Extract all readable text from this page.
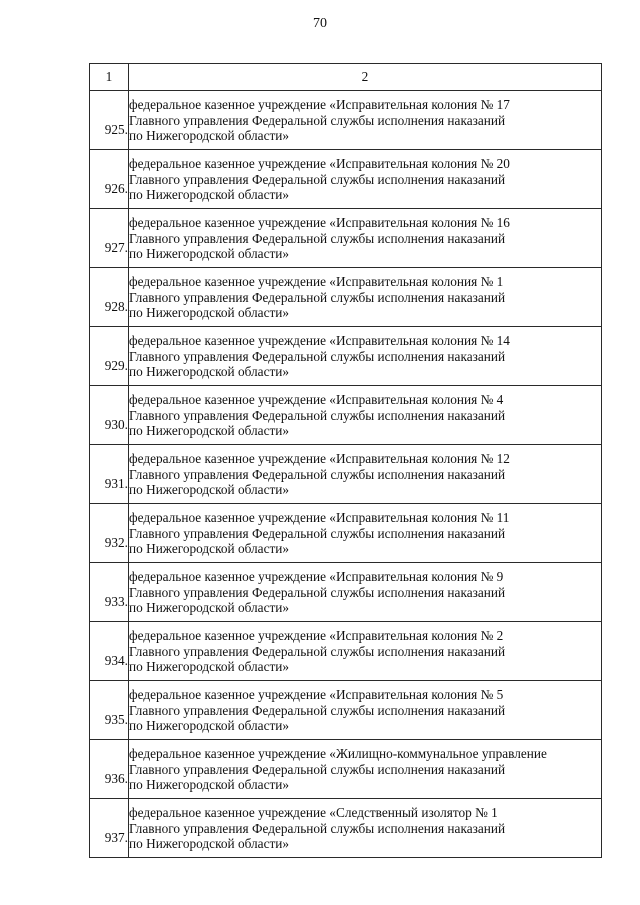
70
1	2
925.	федеральное казенное учреждение «Исправительная колония № 17
Главного управления Федеральной службы исполнения наказаний
по Нижегородской области»

926.	федеральное казенное учреждение «Исправительная колония № 20
Главного управления Федеральной службы исполнения наказаний
по Нижегородской области»

927.	федеральное казенное учреждение «Исправительная колония № 16
Главного управления Федеральной службы исполнения наказаний
по Нижегородской области»

928.	федеральное казенное учреждение «Исправительная колония № 1
Главного управления Федеральной службы исполнения наказаний
по Нижегородской области»

929.	федеральное казенное учреждение «Исправительная колония № 14
Главного управления Федеральной службы исполнения наказаний
по Нижегородской области»

930.	федеральное казенное учреждение «Исправительная колония № 4
Главного управления Федеральной службы исполнения наказаний
по Нижегородской области»

931.	федеральное казенное учреждение «Исправительная колония № 12
Главного управления Федеральной службы исполнения наказаний
по Нижегородской области»

932.	федеральное казенное учреждение «Исправительная колония № 11
Главного управления Федеральной службы исполнения наказаний
по Нижегородской области»

933.	федеральное казенное учреждение «Исправительная колония № 9
Главного управления Федеральной службы исполнения наказаний
по Нижегородской области»

934.	федеральное казенное учреждение «Исправительная колония № 2
Главного управления Федеральной службы исполнения наказаний
по Нижегородской области»

935.	федеральное казенное учреждение «Исправительная колония № 5
Главного управления Федеральной службы исполнения наказаний
по Нижегородской области»

936.	федеральное казенное учреждение «Жилищно-коммунальное управление
Главного управления Федеральной службы исполнения наказаний
по Нижегородской области»

937.	федеральное казенное учреждение «Следственный изолятор № 1
Главного управления Федеральной службы исполнения наказаний
по Нижегородской области»
